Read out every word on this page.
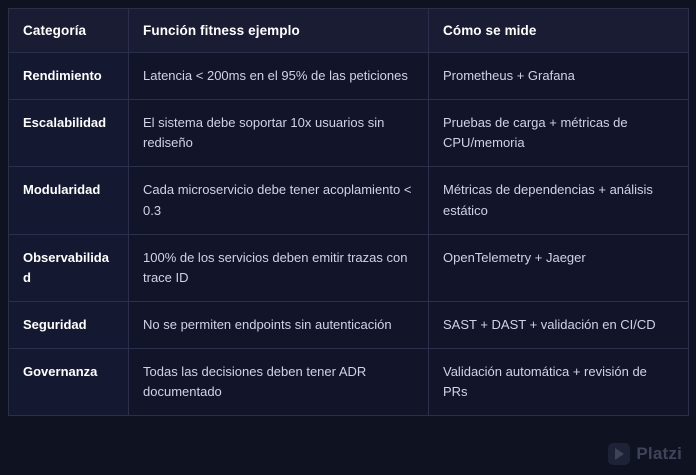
Categoría	Función fitness ejemplo	Cómo se mide
Rendimiento	Latencia < 200ms en el 95% de las peticiones	Prometheus + Grafana
Escalabilidad	El sistema debe soportar 10x usuarios sin rediseño	Pruebas de carga + métricas de CPU/memoria
Modularidad	Cada microservicio debe tener acoplamiento < 0.3	Métricas de dependencias + análisis estático
Observabilidad	100% de los servicios deben emitir trazas con trace ID	OpenTelemetry + Jaeger
Seguridad	No se permiten endpoints sin autenticación	SAST + DAST + validación en CI/CD
Governanza	Todas las decisiones deben tener ADR documentado	Validación automática + revisión de PRs
Platzi
